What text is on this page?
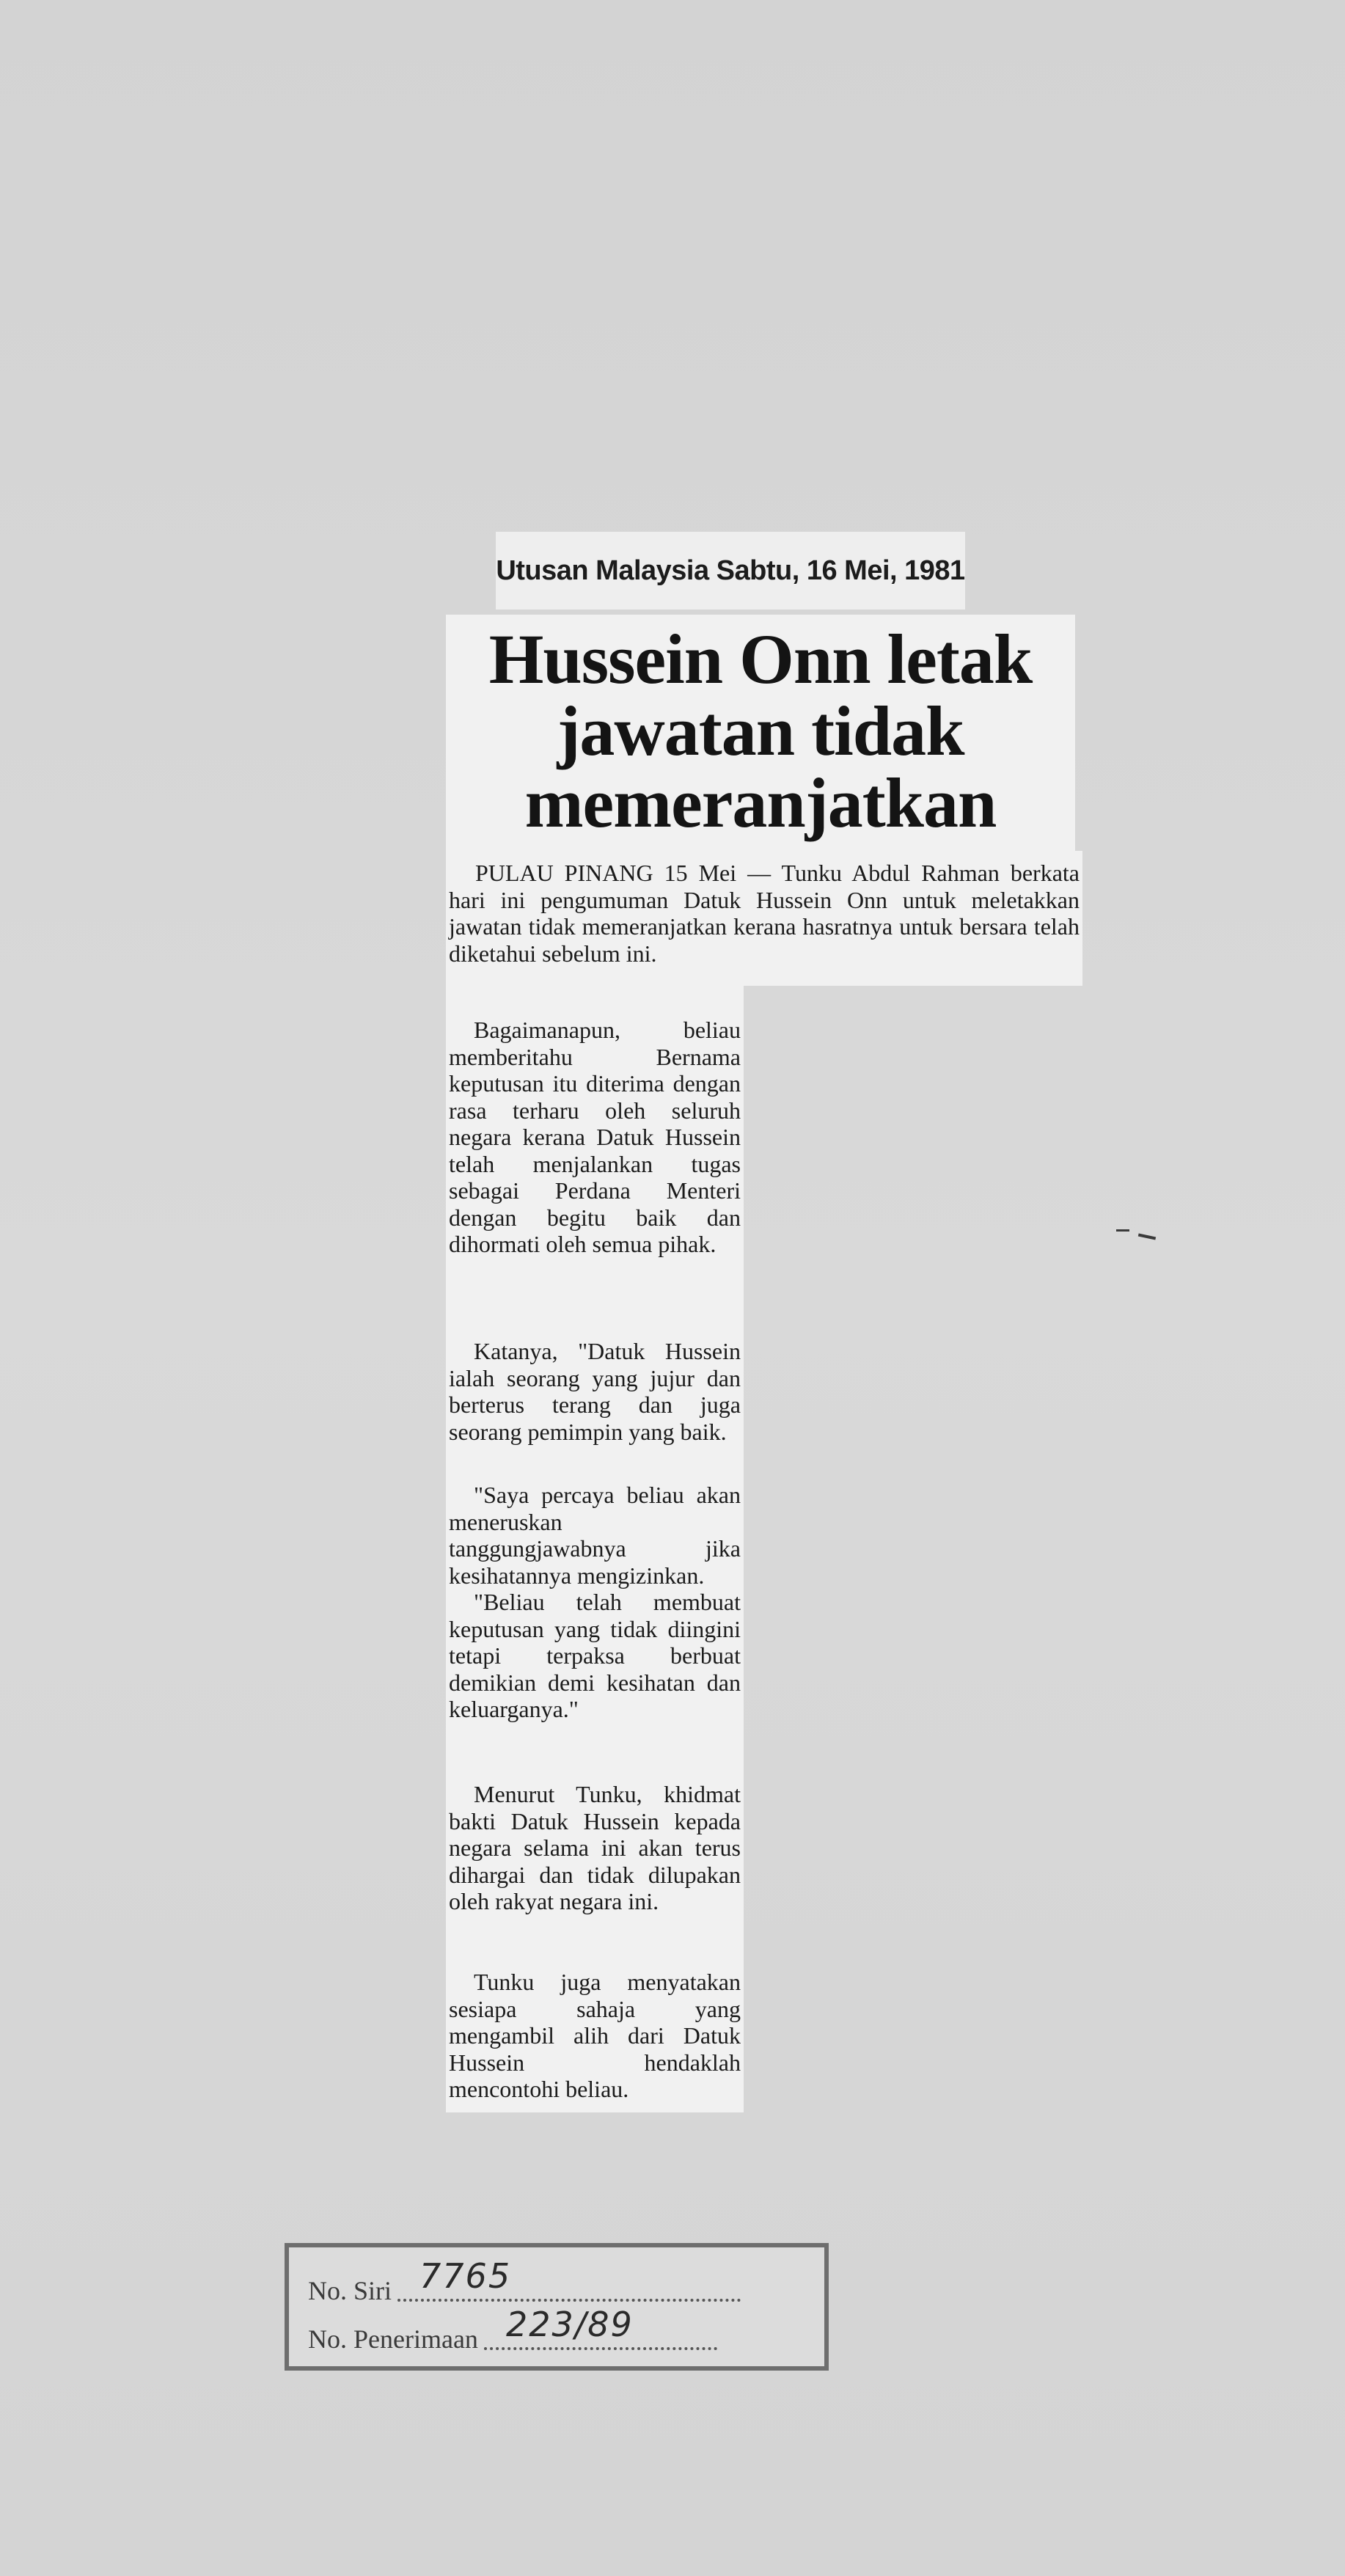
Utusan Malaysia Sabtu, 16 Mei, 1981
Hussein Onn letak
jawatan tidak
memeranjatkan

PULAU PINANG 15 Mei — Tunku Abdul Rahman berkata hari ini pengumuman Datuk Hussein Onn untuk meletakkan jawatan tidak memeranjatkan kerana hasratnya untuk bersara telah diketahui sebelum ini.

Bagaimanapun, beliau memberitahu Bernama keputusan itu diterima dengan rasa terharu oleh seluruh negara kerana Datuk Hussein telah menjalankan tugas sebagai Perdana Menteri dengan begitu baik dan dihormati oleh semua pihak.

Katanya, "Datuk Hussein ialah seorang yang jujur dan berterus terang dan juga seorang pemimpin yang baik.

"Saya percaya beliau akan meneruskan tanggungjawabnya jika kesihatannya mengizinkan.

"Beliau telah membuat keputusan yang tidak diingini tetapi terpaksa berbuat demikian demi kesihatan dan keluarganya."

Menurut Tunku, khidmat bakti Datuk Hussein kepada negara selama ini akan terus dihargai dan tidak dilupakan oleh rakyat negara ini.

Tunku juga menyatakan sesiapa sahaja yang mengambil alih dari Datuk Hussein hendaklah mencontohi beliau.

No. Siri 7765
No. Penerimaan 223/89
